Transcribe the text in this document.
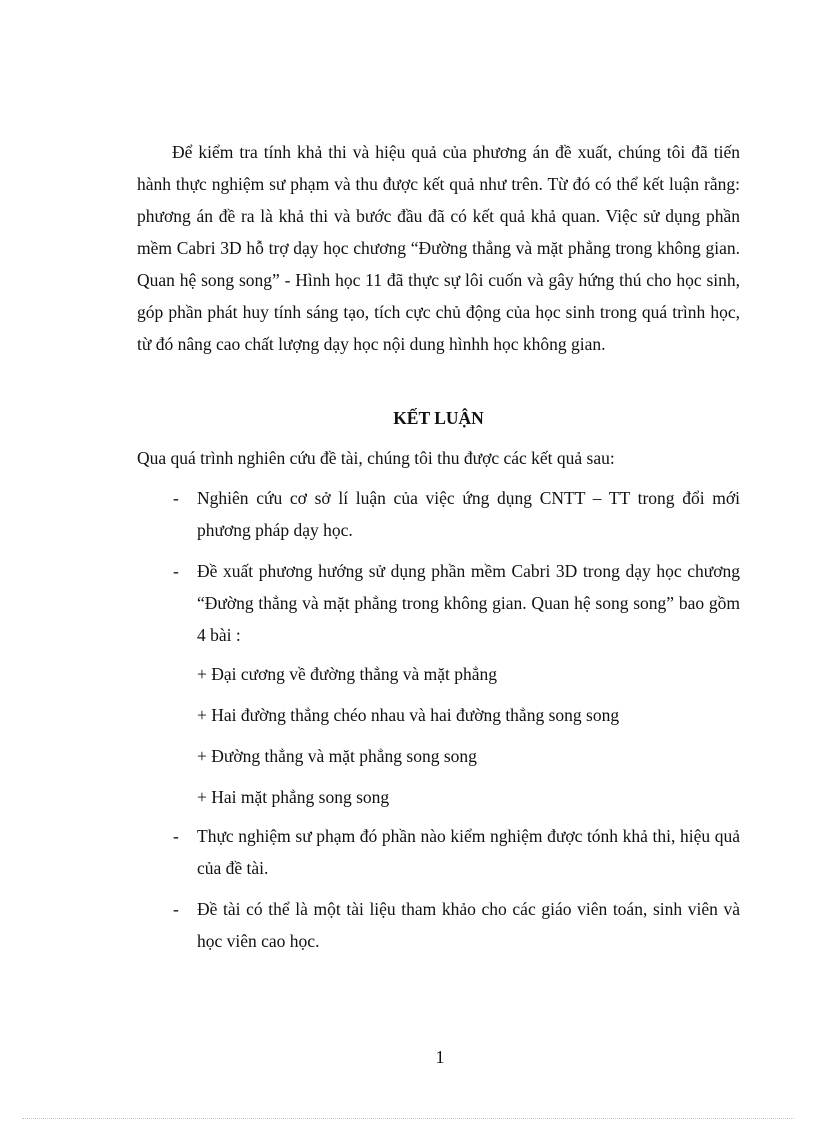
Để kiểm tra tính khả thi và hiệu quả của phương án đề xuất, chúng tôi đã tiến hành thực nghiệm sư phạm và thu được kết quả như trên. Từ đó có thể kết luận rằng: phương án đề ra là khả thi và bước đầu đã có kết quả khả quan. Việc sử dụng phần mềm Cabri 3D hỗ trợ dạy học chương “Đường thẳng và mặt phẳng trong không gian. Quan hệ song song” - Hình học 11 đã thực sự lôi cuốn và gây hứng thú cho học sinh, góp phần phát huy tính sáng tạo, tích cực chủ động của học sinh trong quá trình học, từ đó nâng cao chất lượng dạy học nội dung hìnhh học không gian.

KẾT LUẬN

Qua quá trình nghiên cứu đề tài, chúng tôi thu được các kết quả sau:

- Nghiên cứu cơ sở lí luận của việc ứng dụng CNTT – TT trong đổi mới phương pháp dạy học.
- Đề xuất phương hướng sử dụng phần mềm Cabri 3D trong dạy học chương “Đường thẳng và mặt phẳng trong không gian. Quan hệ song song” bao gồm 4 bài :

+ Đại cương về đường thẳng và mặt phẳng

+ Hai đường thẳng chéo nhau và hai đường thẳng song song

+ Đường thẳng và mặt phẳng song song

+ Hai mặt phẳng song song

- Thực nghiệm sư phạm đó phần nào kiểm nghiệm được tónh khả thi, hiệu quả của đề tài.
- Đề tài có thể là một tài liệu tham khảo cho các giáo viên toán, sinh viên và học viên cao học.
1
